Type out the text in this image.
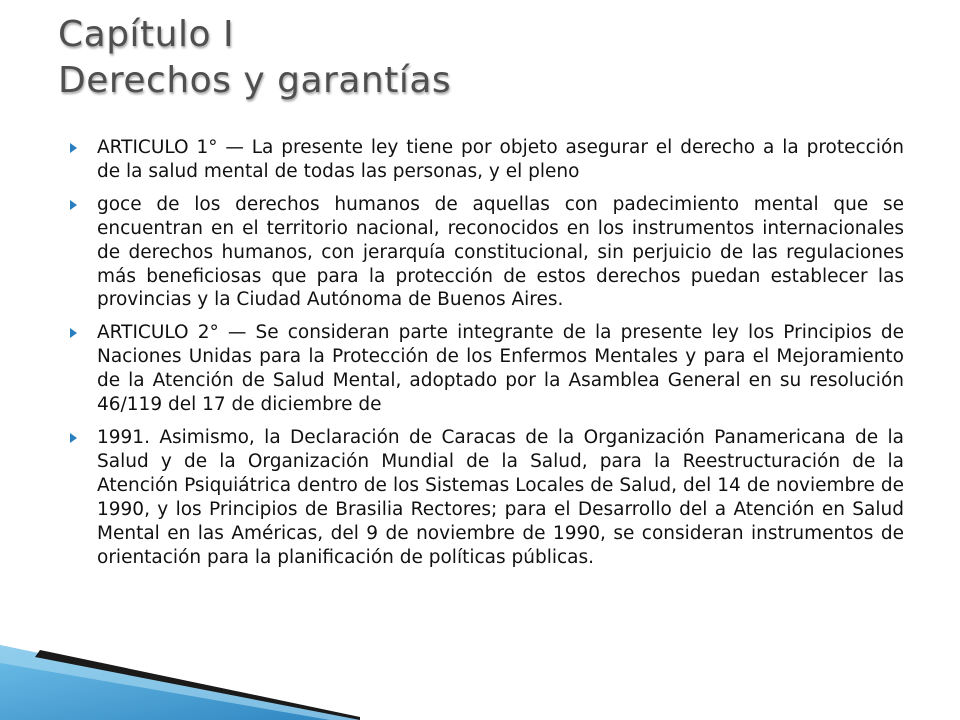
Capítulo I
Derechos y garantías
ARTICULO 1° — La presente ley tiene por objeto asegurar el derecho a la protección de la salud mental de todas las personas, y el pleno
goce de los derechos humanos de aquellas con padecimiento mental que se encuentran en el territorio nacional, reconocidos en los instrumentos internacionales de derechos humanos, con jerarquía constitucional, sin perjuicio de las regulaciones más beneficiosas que para la protección de estos derechos puedan establecer las provincias y la Ciudad Autónoma de Buenos Aires.
ARTICULO 2° — Se consideran parte integrante de la presente ley los Principios de Naciones Unidas para la Protección de los Enfermos Mentales y para el Mejoramiento de la Atención de Salud Mental, adoptado por la Asamblea General en su resolución 46/119 del 17 de diciembre de
1991. Asimismo, la Declaración de Caracas de la Organización Panamericana de la Salud y de la Organización Mundial de la Salud, para la Reestructuración de la Atención Psiquiátrica dentro de los Sistemas Locales de Salud, del 14 de noviembre de 1990, y los Principios de Brasilia Rectores; para el Desarrollo del a Atención en Salud Mental en las Américas, del 9 de noviembre de 1990, se consideran instrumentos de orientación para la planificación de políticas públicas.
